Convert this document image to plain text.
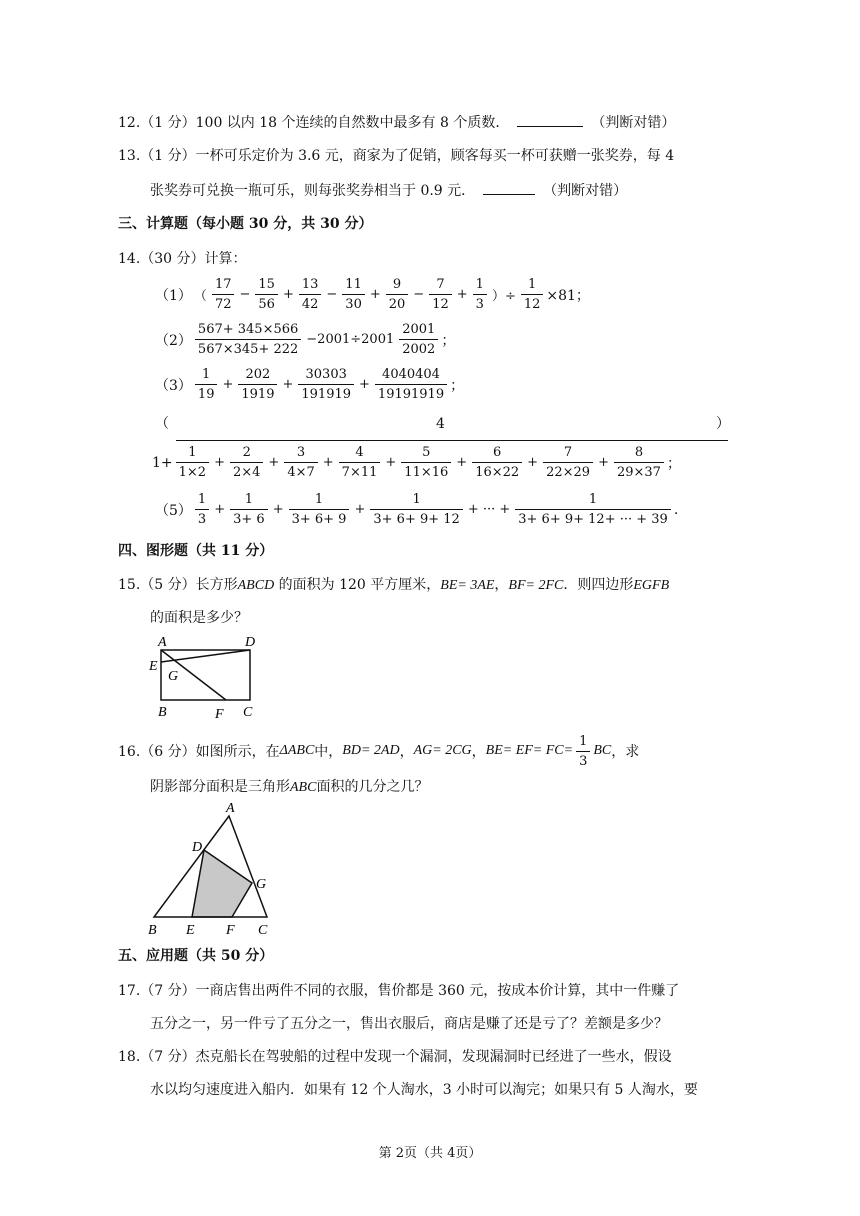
12.（1 分）100 以内 18 个连续的自然数中最多有 8 个质数．	（判断对错）
13.（1 分）一杯可乐定价为 3.6 元，商家为了促销，顾客每买一杯可获赠一张奖券，每 4
张奖券可兑换一瓶可乐，则每张奖券相当于 0.9 元．	（判断对错）
三、计算题（每小题 30 分，共 30 分）
14.（30 分）计算：
（1） （ $\frac{17}{72} - \frac{15}{56} + \frac{13}{42} - \frac{11}{30} + \frac{9}{20} - \frac{7}{12} + \frac{1}{3}$ ）÷ $\frac{1}{12} \times 81$；
$(2) \frac{567+ 345\times 566}{567\times 345+ 222} -2001\div 2001 \frac{2001}{2002}$ ；
$(3) \frac{1}{19} + \frac{202}{1919} + \frac{30303}{191919} + \frac{4040404}{19191919}$ ；
（	4	）
$1+ \frac{1}{1\times 2} + \frac{2}{2\times 4} + \frac{3}{4\times 7} + \frac{4}{7\times 11} + \frac{5}{11\times 16} + \frac{6}{16\times 22} + \frac{7}{22\times 29} + \frac{8}{29\times 37}$ ；
$(5) \frac{1}{3} + \frac{1}{3+ 6} + \frac{1}{3+ 6+ 9} + \frac{1}{3+ 6+ 9+ 12}$ + ··· + $\frac{1}{3+ 6+ 9+ 12+ \cdot\cdot\cdot + 39}$ .
四、图形题（共 11 分）
15.（5 分）长方形ABCD 的面积为 120 平方厘米，BE= 3AE，BF= 2FC．则四边形EGFB
的面积是多少？
A	D
E
G
B	F C
16.（6 分）如图所示，在 ΔABC 中， BD= 2AD ， AG= 2CG ， $BE= EF= FC= \frac{1}{3}$ BC ，求
阴影部分面积是三角形ABC面积的几分之几？
A
D
G
B E F C
五、应用题（共 50 分）
17.（7 分）一商店售出两件不同的衣服，售价都是 360 元，按成本价计算，其中一件赚了
五分之一，另一件亏了五分之一，售出衣服后，商店是赚了还是亏了？差额是多少？
18.（7 分）杰克船长在驾驶船的过程中发现一个漏洞，发现漏洞时已经进了一些水，假设
水以均匀速度进入船内．如果有 12 个人淘水，3 小时可以淘完；如果只有 5 人淘水，要
第 2页（共 4页）
